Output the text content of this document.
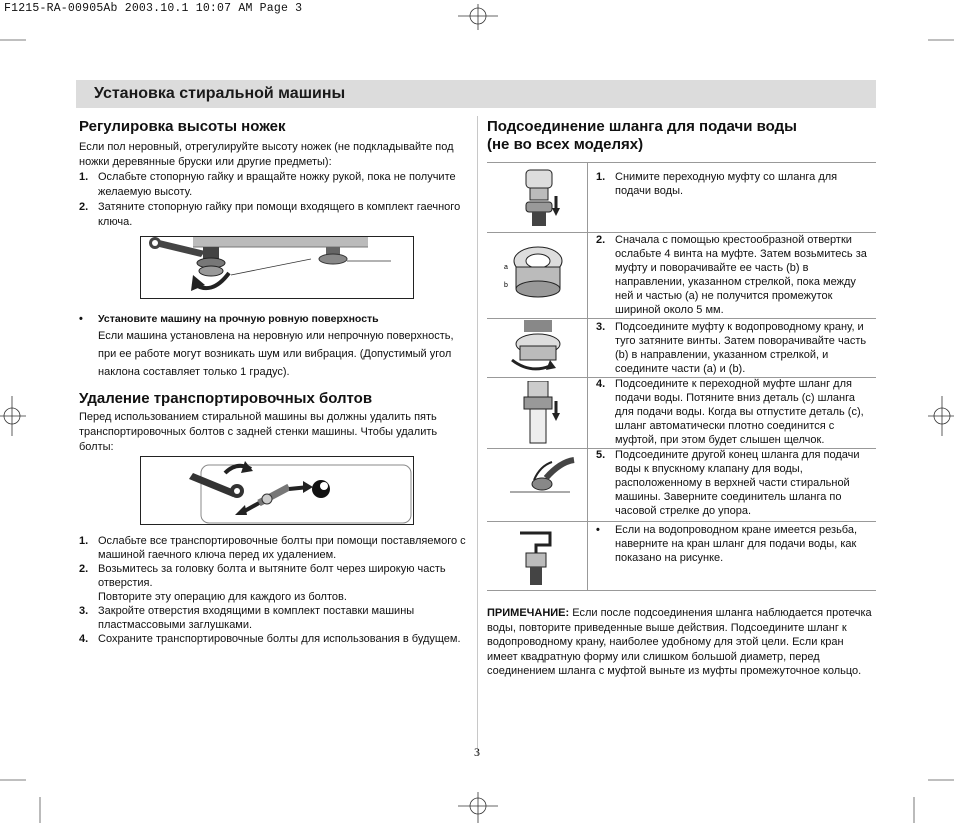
F1215-RA-00905Ab 2003.10.1 10:07 AM Page 3
Установка стиральной машины
Регулировка высоты ножек
Если пол неровный, отрегулируйте высоту ножек (не подкладывайте под ножки деревянные бруски или другие предметы):
1. Ослабьте стопорную гайку и вращайте ножку рукой, пока не получите желаемую высоту.
2. Затяните стопорную гайку при помощи входящего в комплект гаечного ключа.
• Установите машину на прочную ровную поверхность
Если машина установлена на неровную или непрочную поверхность, при ее работе могут возникать шум или вибрация. (Допустимый угол наклона составляет только 1 градус).
Удаление транспортировочных болтов
Перед использованием стиральной машины вы должны удалить пять транспортировочных болтов с задней стенки машины. Чтобы удалить болты:
1. Ослабьте все транспортировочные болты при помощи поставляемого с машиной гаечного ключа перед их удалением.
2. Возьмитесь за головку болта и вытяните болт через широкую часть отверстия.
Повторите эту операцию для каждого из болтов.
3. Закройте отверстия входящими в комплект поставки машины пластмассовыми заглушками.
4. Сохраните транспортировочные болты для использования в будущем.
Подсоединение шланга для подачи воды
(не во всех моделях)
a
b
1. Снимите переходную муфту со шланга для подачи воды.
2. Сначала с помощью крестообразной отвертки ослабьте 4 винта на муфте. Затем возьмитесь за муфту и поворачивайте ее часть (b) в направлении, указанном стрелкой, пока между ней и частью (a) не получится промежуток шириной около 5 мм.
3. Подсоедините муфту к водопроводному крану, и туго затяните винты. Затем поворачивайте часть (b) в направлении, указанном стрелкой, и соедините части (a) и (b).
4. Подсоедините к переходной муфте шланг для подачи воды. Потяните вниз деталь (c) шланга для подачи воды. Когда вы отпустите деталь (c), шланг автоматически плотно соединится с муфтой, при этом будет слышен щелчок.
5. Подсоедините другой конец шланга для подачи воды к впускному клапану для воды, расположенному в верхней части стиральной машины. Заверните соединитель шланга по часовой стрелке до упора.
•	Если на водопроводном кране имеется резьба, наверните на кран шланг для подачи воды, как показано на рисунке.
ПРИМЕЧАНИЕ: Если после подсоединения шланга наблюдается протечка воды, повторите приведенные выше действия. Подсоедините шланг к водопроводному крану, наиболее удобному для этой цели. Если кран имеет квадратную форму или слишком большой диаметр, перед соединением шланга с муфтой выньте из муфты промежуточное кольцо.
3
